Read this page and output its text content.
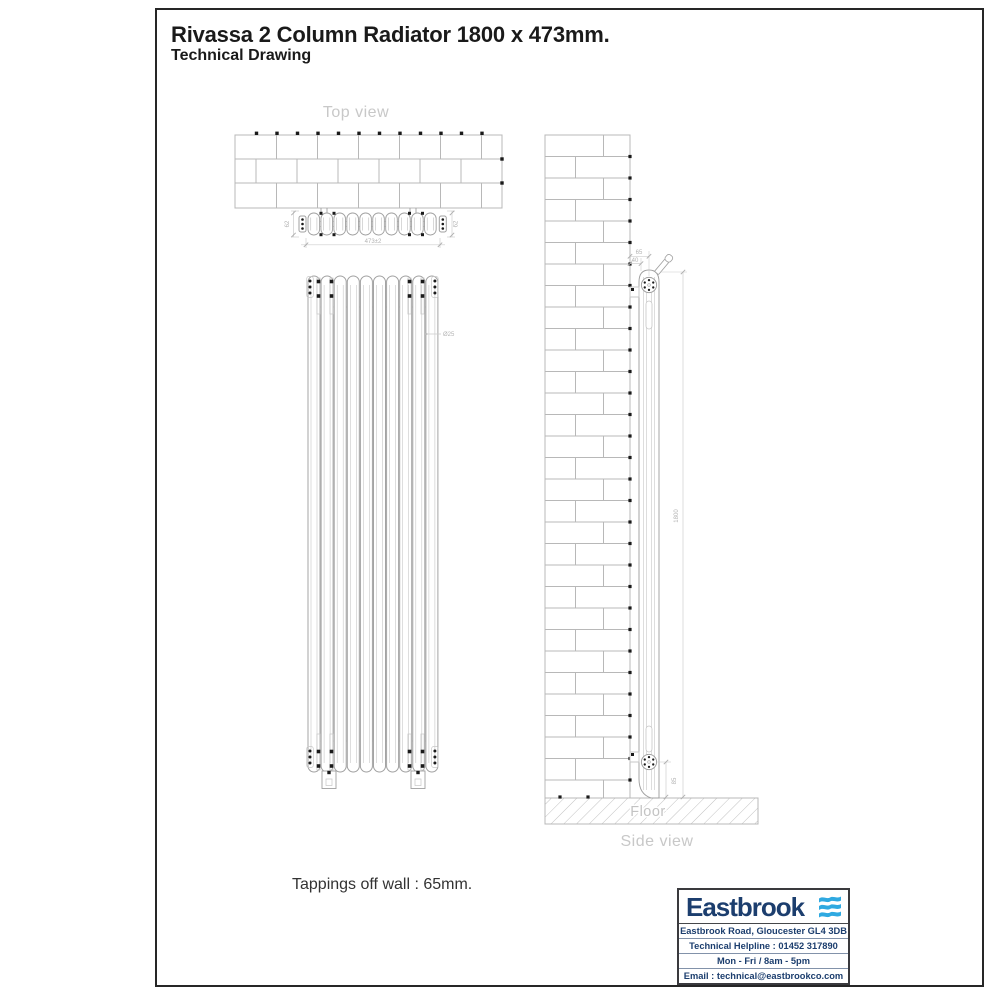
Rivassa 2 Column Radiator 1800 x 473mm.
Technical Drawing
Top view
Side view
Floor
473±2
62	62
Ø25
65
40
1800
85
Tappings off wall : 65mm.
Eastbrook
Eastbrook Road, Gloucester GL4 3DB
Technical Helpline : 01452 317890
Mon - Fri / 8am - 5pm
Email : technical@eastbrookco.com
